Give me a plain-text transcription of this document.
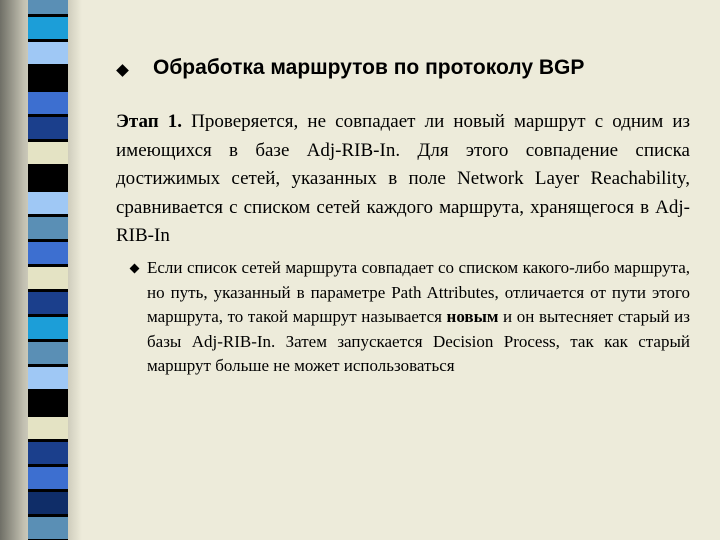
Обработка маршрутов по протоколу BGP
Этап 1. Проверяется, не совпадает ли новый маршрут с одним из имеющихся в базе Adj-RIB-In. Для этого совпадение списка достижимых сетей, указанных в поле Network Layer Reachability, сравнивается с списком сетей каждого маршрута, хранящегося в Adj-RIB-In
Если список сетей маршрута совпадает со списком какого-либо маршрута, но путь, указанный в параметре Path Attributes, отличается от пути этого маршрута, то такой маршрут называется новым и он вытесняет старый из базы Adj-RIB-In. Затем запускается Decision Process, так как старый маршрут больше не может использоваться
